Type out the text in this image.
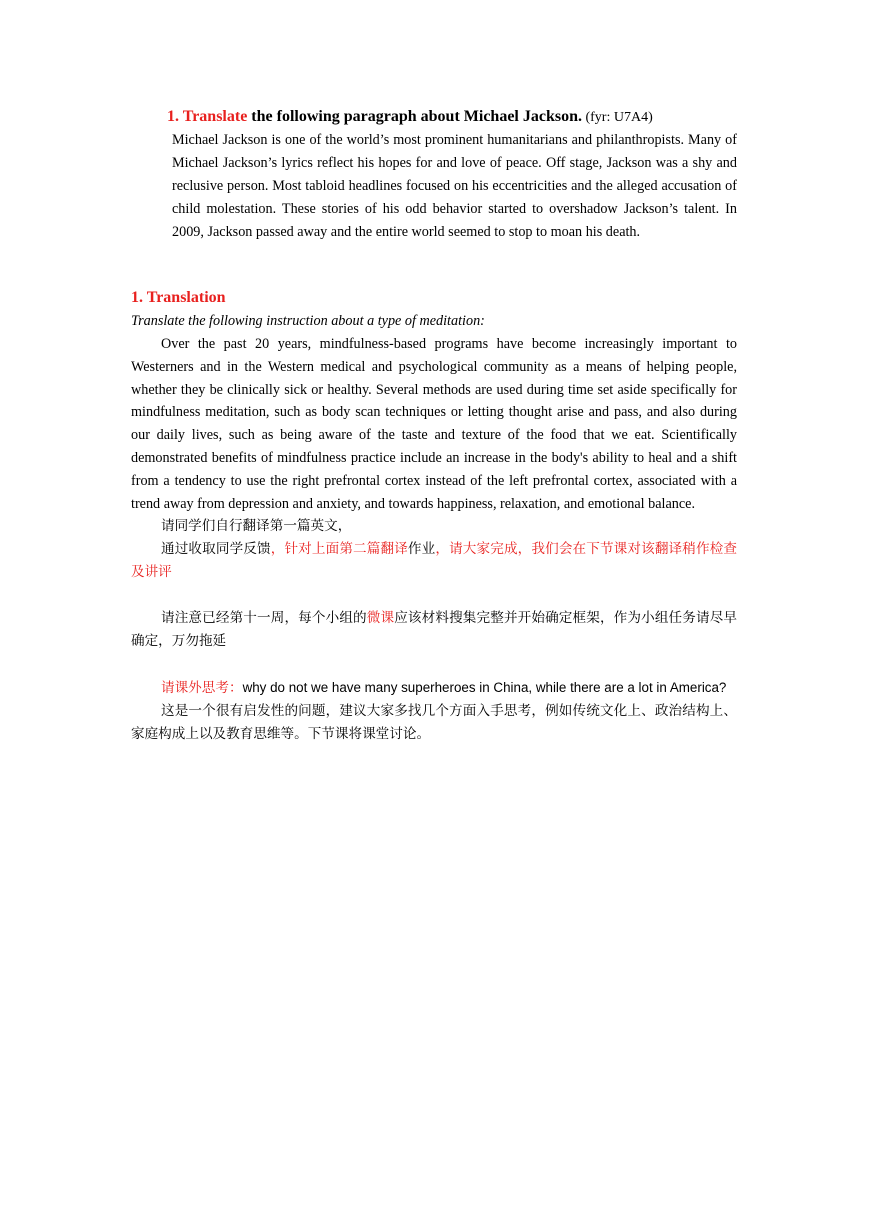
1. Translate the following paragraph about Michael Jackson. (fyr: U7A4)

Michael Jackson is one of the world’s most prominent humanitarians and philanthropists. Many of Michael Jackson’s lyrics reflect his hopes for and love of peace. Off stage, Jackson was a shy and reclusive person. Most tabloid headlines focused on his eccentricities and the alleged accusation of child molestation. These stories of his odd behavior started to overshadow Jackson’s talent. In 2009, Jackson passed away and the entire world seemed to stop to moan his death.

1. Translation

Translate the following instruction about a type of meditation:

Over the past 20 years, mindfulness-based programs have become increasingly important to Westerners and in the Western medical and psychological community as a means of helping people, whether they be clinically sick or healthy. Several methods are used during time set aside specifically for mindfulness meditation, such as body scan techniques or letting thought arise and pass, and also during our daily lives, such as being aware of the taste and texture of the food that we eat. Scientifically demonstrated benefits of mindfulness practice include an increase in the body's ability to heal and a shift from a tendency to use the right prefrontal cortex instead of the left prefrontal cortex, associated with a trend away from depression and anxiety, and towards happiness, relaxation, and emotional balance.

请同学们自行翻译第一篇英文，

通过收取同学反馈，针对上面第二篇翻译作业，请大家完成，我们会在下节课对该翻译稍作检查及讲评

请注意已经第十一周，每个小组的微课应该材料搜集完整并开始确定框架，作为小组任务请尽早确定，万勿拖延

请课外思考：why do not we have many superheroes in China, while there are a lot in America?

这是一个很有启发性的问题，建议大家多找几个方面入手思考，例如传统文化上、政治结构上、家庭构成上以及教育思维等。下节课将课堂讨论。
